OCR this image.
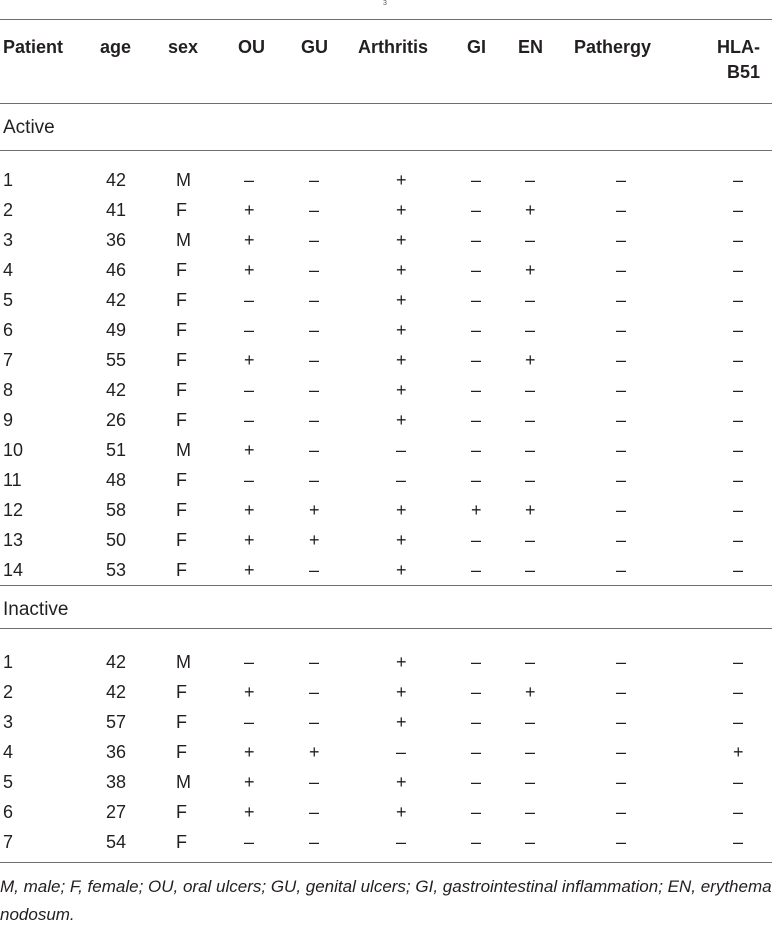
3
Patient	age	sex	OU	GU	Arthritis	GI	EN	Pathergy	HLA-
B51
Active									
1	42	M	–	–	+	–	–	–	–
2	41	F	+	–	+	–	+	–	–
3	36	M	+	–	+	–	–	–	–
4	46	F	+	–	+	–	+	–	–
5	42	F	–	–	+	–	–	–	–
6	49	F	–	–	+	–	–	–	–
7	55	F	+	–	+	–	+	–	–
8	42	F	–	–	+	–	–	–	–
9	26	F	–	–	+	–	–	–	–
10	51	M	+	–	–	–	–	–	–
11	48	F	–	–	–	–	–	–	–
12	58	F	+	+	+	+	+	–	–
13	50	F	+	+	+	–	–	–	–
14	53	F	+	–	+	–	–	–	–
Inactive									
1	42	M	–	–	+	–	–	–	–
2	42	F	+	–	+	–	+	–	–
3	57	F	–	–	+	–	–	–	–
4	36	F	+	+	–	–	–	–	+
5	38	M	+	–	+	–	–	–	–
6	27	F	+	–	+	–	–	–	–
7	54	F	–	–	–	–	–	–	–
M, male; F, female; OU, oral ulcers; GU, genital ulcers; GI, gastrointestinal inflammation; EN, erythema nodosum.
